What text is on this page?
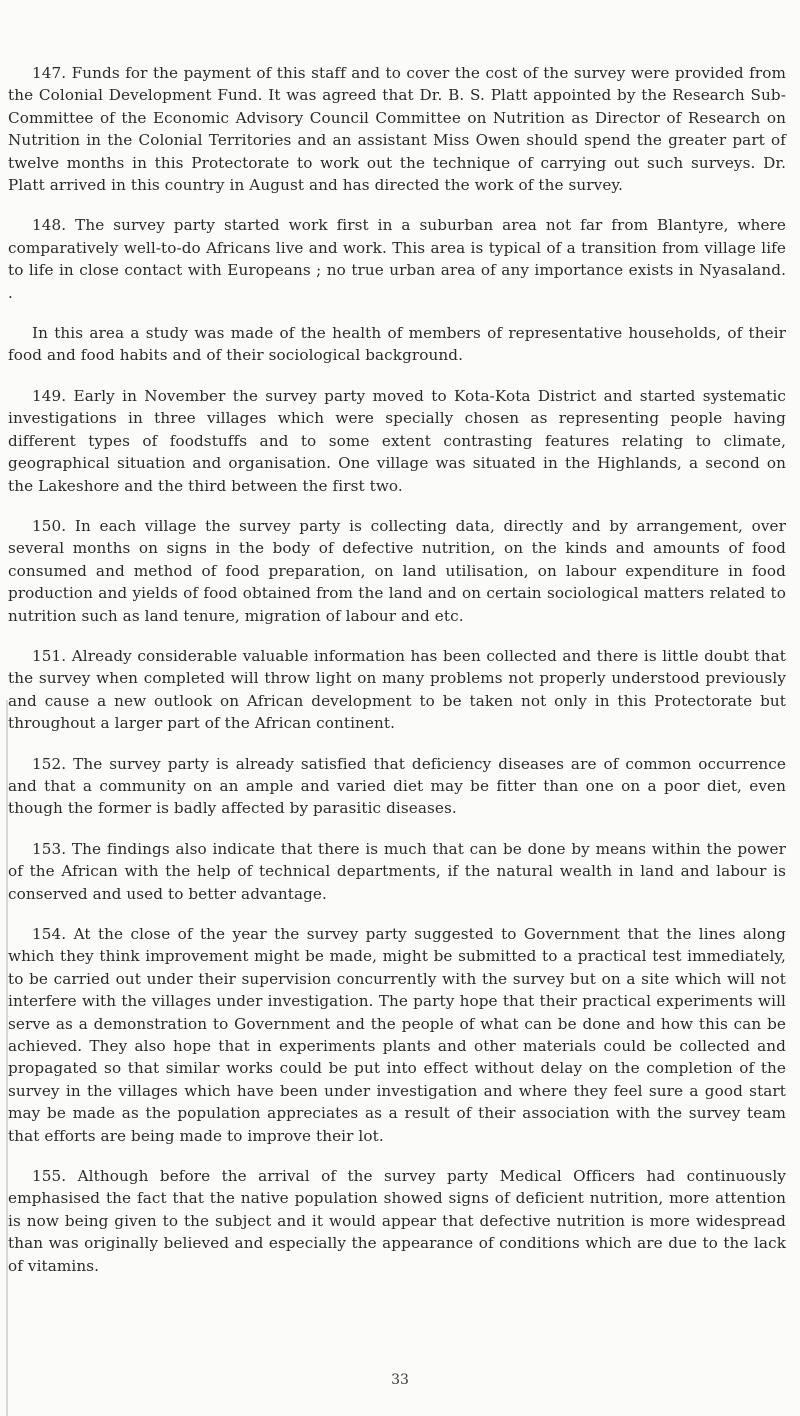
147. Funds for the payment of this staff and to cover the cost of the survey were provided from the Colonial Development Fund. It was agreed that Dr. B. S. Platt appointed by the Research Sub-Committee of the Economic Advisory Council Committee on Nutrition as Director of Research on Nutrition in the Colonial Territories and an assistant Miss Owen should spend the greater part of twelve months in this Protectorate to work out the technique of carrying out such surveys. Dr. Platt arrived in this country in August and has directed the work of the survey.

148. The survey party started work first in a suburban area not far from Blantyre, where comparatively well-to-do Africans live and work. This area is typical of a transition from village life to life in close contact with Europeans ; no true urban area of any importance exists in Nyasaland. .

In this area a study was made of the health of members of representative households, of their food and food habits and of their sociological background.

149. Early in November the survey party moved to Kota-Kota District and started systematic investigations in three villages which were specially chosen as representing people having different types of foodstuffs and to some extent contrasting features relating to climate, geographical situation and organisation. One village was situated in the Highlands, a second on the Lakeshore and the third between the first two.

150. In each village the survey party is collecting data, directly and by arrangement, over several months on signs in the body of defective nutrition, on the kinds and amounts of food consumed and method of food preparation, on land utilisation, on labour expenditure in food production and yields of food obtained from the land and on certain sociological matters related to nutrition such as land tenure, migration of labour and etc.

151. Already considerable valuable information has been collected and there is little doubt that the survey when completed will throw light on many problems not properly understood previously and cause a new outlook on African development to be taken not only in this Protectorate but throughout a larger part of the African continent.

152. The survey party is already satisfied that deficiency diseases are of common occurrence and that a community on an ample and varied diet may be fitter than one on a poor diet, even though the former is badly affected by parasitic diseases.

153. The findings also indicate that there is much that can be done by means within the power of the African with the help of technical departments, if the natural wealth in land and labour is conserved and used to better advantage.

154. At the close of the year the survey party suggested to Government that the lines along which they think improvement might be made, might be submitted to a practical test immediately, to be carried out under their supervision concurrently with the survey but on a site which will not interfere with the villages under investigation. The party hope that their practical experiments will serve as a demonstration to Government and the people of what can be done and how this can be achieved. They also hope that in experiments plants and other materials could be collected and propagated so that similar works could be put into effect without delay on the completion of the survey in the villages which have been under investigation and where they feel sure a good start may be made as the population appreciates as a result of their association with the survey team that efforts are being made to improve their lot.

155. Although before the arrival of the survey party Medical Officers had continuously emphasised the fact that the native population showed signs of deficient nutrition, more attention is now being given to the subject and it would appear that defective nutrition is more widespread than was originally believed and especially the appearance of conditions which are due to the lack of vitamins.

33
